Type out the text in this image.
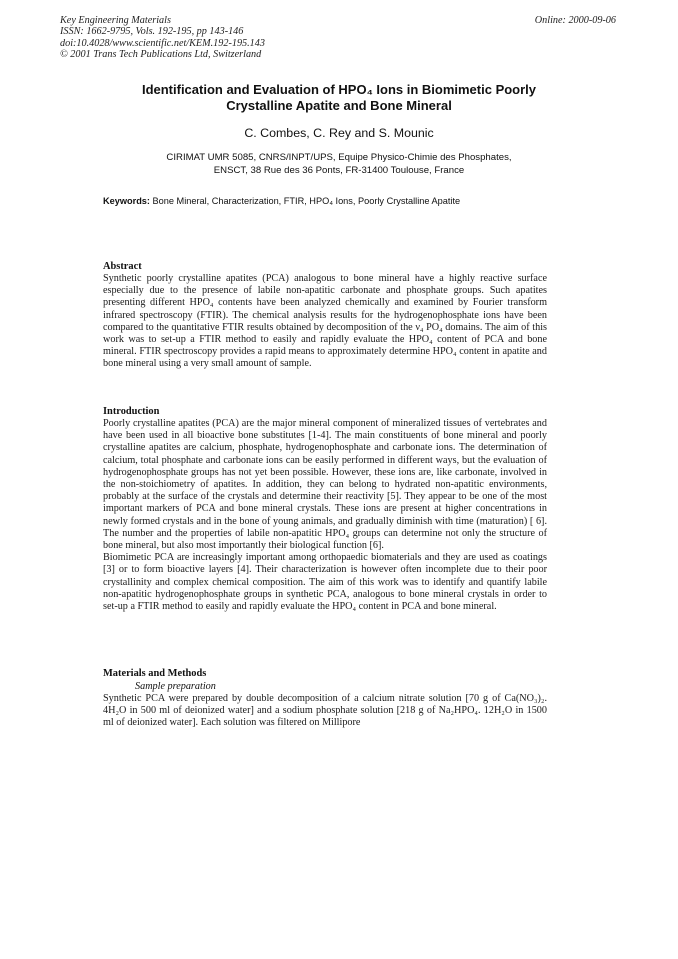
Key Engineering Materials
ISSN: 1662-9795, Vols. 192-195, pp 143-146
doi:10.4028/www.scientific.net/KEM.192-195.143
© 2001 Trans Tech Publications Ltd, Switzerland
Online: 2000-09-06
Identification and Evaluation of HPO₄ Ions in Biomimetic Poorly
Crystalline Apatite and Bone Mineral
C. Combes, C. Rey and S. Mounic
CIRIMAT UMR 5085, CNRS/INPT/UPS, Equipe Physico-Chimie des Phosphates,
ENSCT, 38 Rue des 36 Ponts, FR-31400 Toulouse, France
Keywords: Bone Mineral, Characterization, FTIR, HPO₄ Ions, Poorly Crystalline Apatite
Abstract
Synthetic poorly crystalline apatites (PCA) analogous to bone mineral have a highly reactive surface especially due to the presence of labile non-apatitic carbonate and phosphate groups. Such apatites presenting different HPO₄ contents have been analyzed chemically and examined by Fourier transform infrared spectroscopy (FTIR). The chemical analysis results for the hydrogenophosphate ions have been compared to the quantitative FTIR results obtained by decomposition of the ν₄ PO₄ domains. The aim of this work was to set-up a FTIR method to easily and rapidly evaluate the HPO₄ content of PCA and bone mineral. FTIR spectroscopy provides a rapid means to approximately determine HPO₄ content in apatite and bone mineral using a very small amount of sample.
Introduction
Poorly crystalline apatites (PCA) are the major mineral component of mineralized tissues of vertebrates and have been used in all bioactive bone substitutes [1-4]. The main constituents of bone mineral and poorly crystalline apatites are calcium, phosphate, hydrogenophosphate and carbonate ions. The determination of calcium, total phosphate and carbonate ions can be easily performed in different ways, but the evaluation of hydrogenophosphate groups has not yet been possible. However, these ions are, like carbonate, involved in the non-stoichiometry of apatites. In addition, they can belong to hydrated non-apatitic environments, probably at the surface of the crystals and determine their reactivity [5]. They appear to be one of the most important markers of PCA and bone mineral crystals. These ions are present at higher concentrations in newly formed crystals and in the bone of young animals, and gradually diminish with time (maturation) [ 6]. The number and the properties of labile non-apatitic HPO₄ groups can determine not only the structure of bone mineral, but also most importantly their biological function [6].
Biomimetic PCA are increasingly important among orthopaedic biomaterials and they are used as coatings [3] or to form bioactive layers [4]. Their characterization is however often incomplete due to their poor crystallinity and complex chemical composition. The aim of this work was to identify and quantify labile non-apatitic hydrogenophosphate groups in synthetic PCA, analogous to bone mineral crystals in order to set-up a FTIR method to easily and rapidly evaluate the HPO₄ content in PCA and bone mineral.
Materials and Methods
Sample preparation
Synthetic PCA were prepared by double decomposition of a calcium nitrate solution [70 g of Ca(NO₃)₂. 4H₂O in 500 ml of deionized water] and a sodium phosphate solution [218 g of Na₂HPO₄. 12H₂O in 1500 ml of deionized water]. Each solution was filtered on Millipore
